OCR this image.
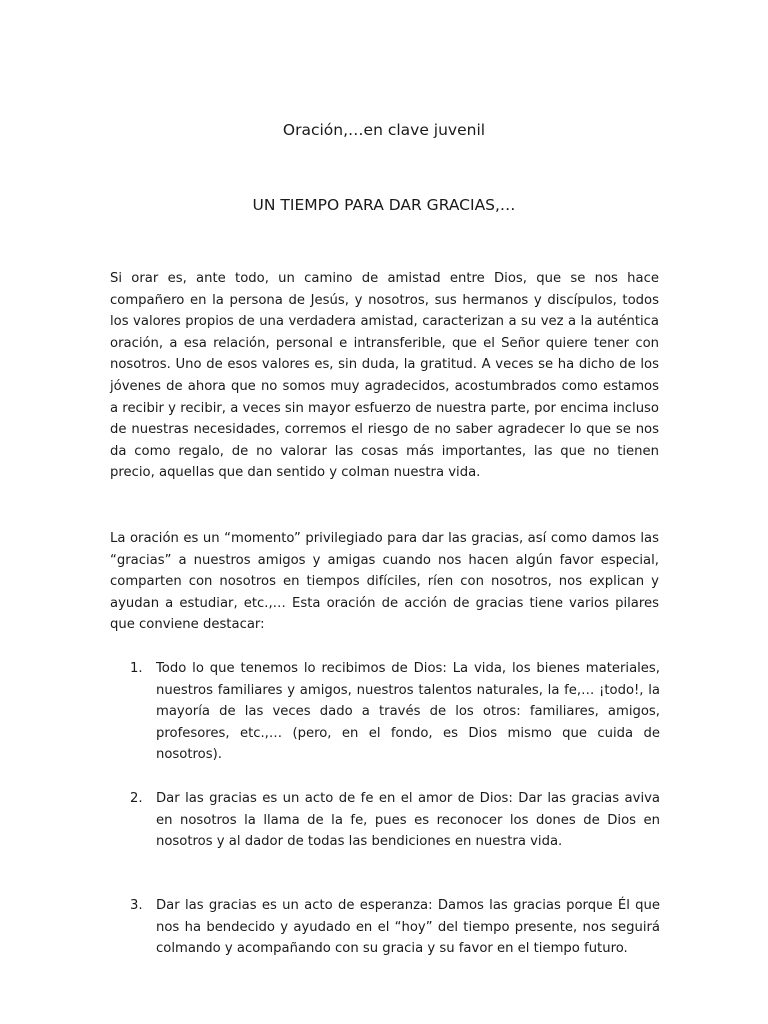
Oración,…en clave juvenil
UN TIEMPO PARA DAR GRACIAS,…

Si orar es, ante todo, un camino de amistad entre Dios, que se nos hace compañero en la persona de Jesús, y nosotros, sus hermanos y discípulos, todos los valores propios de una verdadera amistad, caracterizan a su vez a la auténtica oración, a esa relación, personal e intransferible, que el Señor quiere tener con nosotros. Uno de esos valores es, sin duda, la gratitud. A veces se ha dicho de los jóvenes de ahora que no somos muy agradecidos, acostumbrados como estamos a recibir y recibir, a veces sin mayor esfuerzo de nuestra parte, por encima incluso de nuestras necesidades, corremos el riesgo de no saber agradecer lo que se nos da como regalo, de no valorar las cosas más importantes, las que no tienen precio, aquellas que dan sentido y colman nuestra vida.

La oración es un “momento” privilegiado para dar las gracias, así como damos las “gracias” a nuestros amigos y amigas cuando nos hacen algún favor especial, comparten con nosotros en tiempos difíciles, ríen con nosotros, nos explican y ayudan a estudiar, etc.,… Esta oración de acción de gracias tiene varios pilares que conviene destacar:

1. Todo lo que tenemos lo recibimos de Dios: La vida, los bienes materiales, nuestros familiares y amigos, nuestros talentos naturales, la fe,… ¡todo!, la mayoría de las veces dado a través de los otros: familiares, amigos, profesores, etc.,… (pero, en el fondo, es Dios mismo que cuida de nosotros).
2. Dar las gracias es un acto de fe en el amor de Dios: Dar las gracias aviva en nosotros la llama de la fe, pues es reconocer los dones de Dios en nosotros y al dador de todas las bendiciones en nuestra vida.
3. Dar las gracias es un acto de esperanza: Damos las gracias porque Él que nos ha bendecido y ayudado en el “hoy” del tiempo presente, nos seguirá colmando y acompañando con su gracia y su favor en el tiempo futuro.
